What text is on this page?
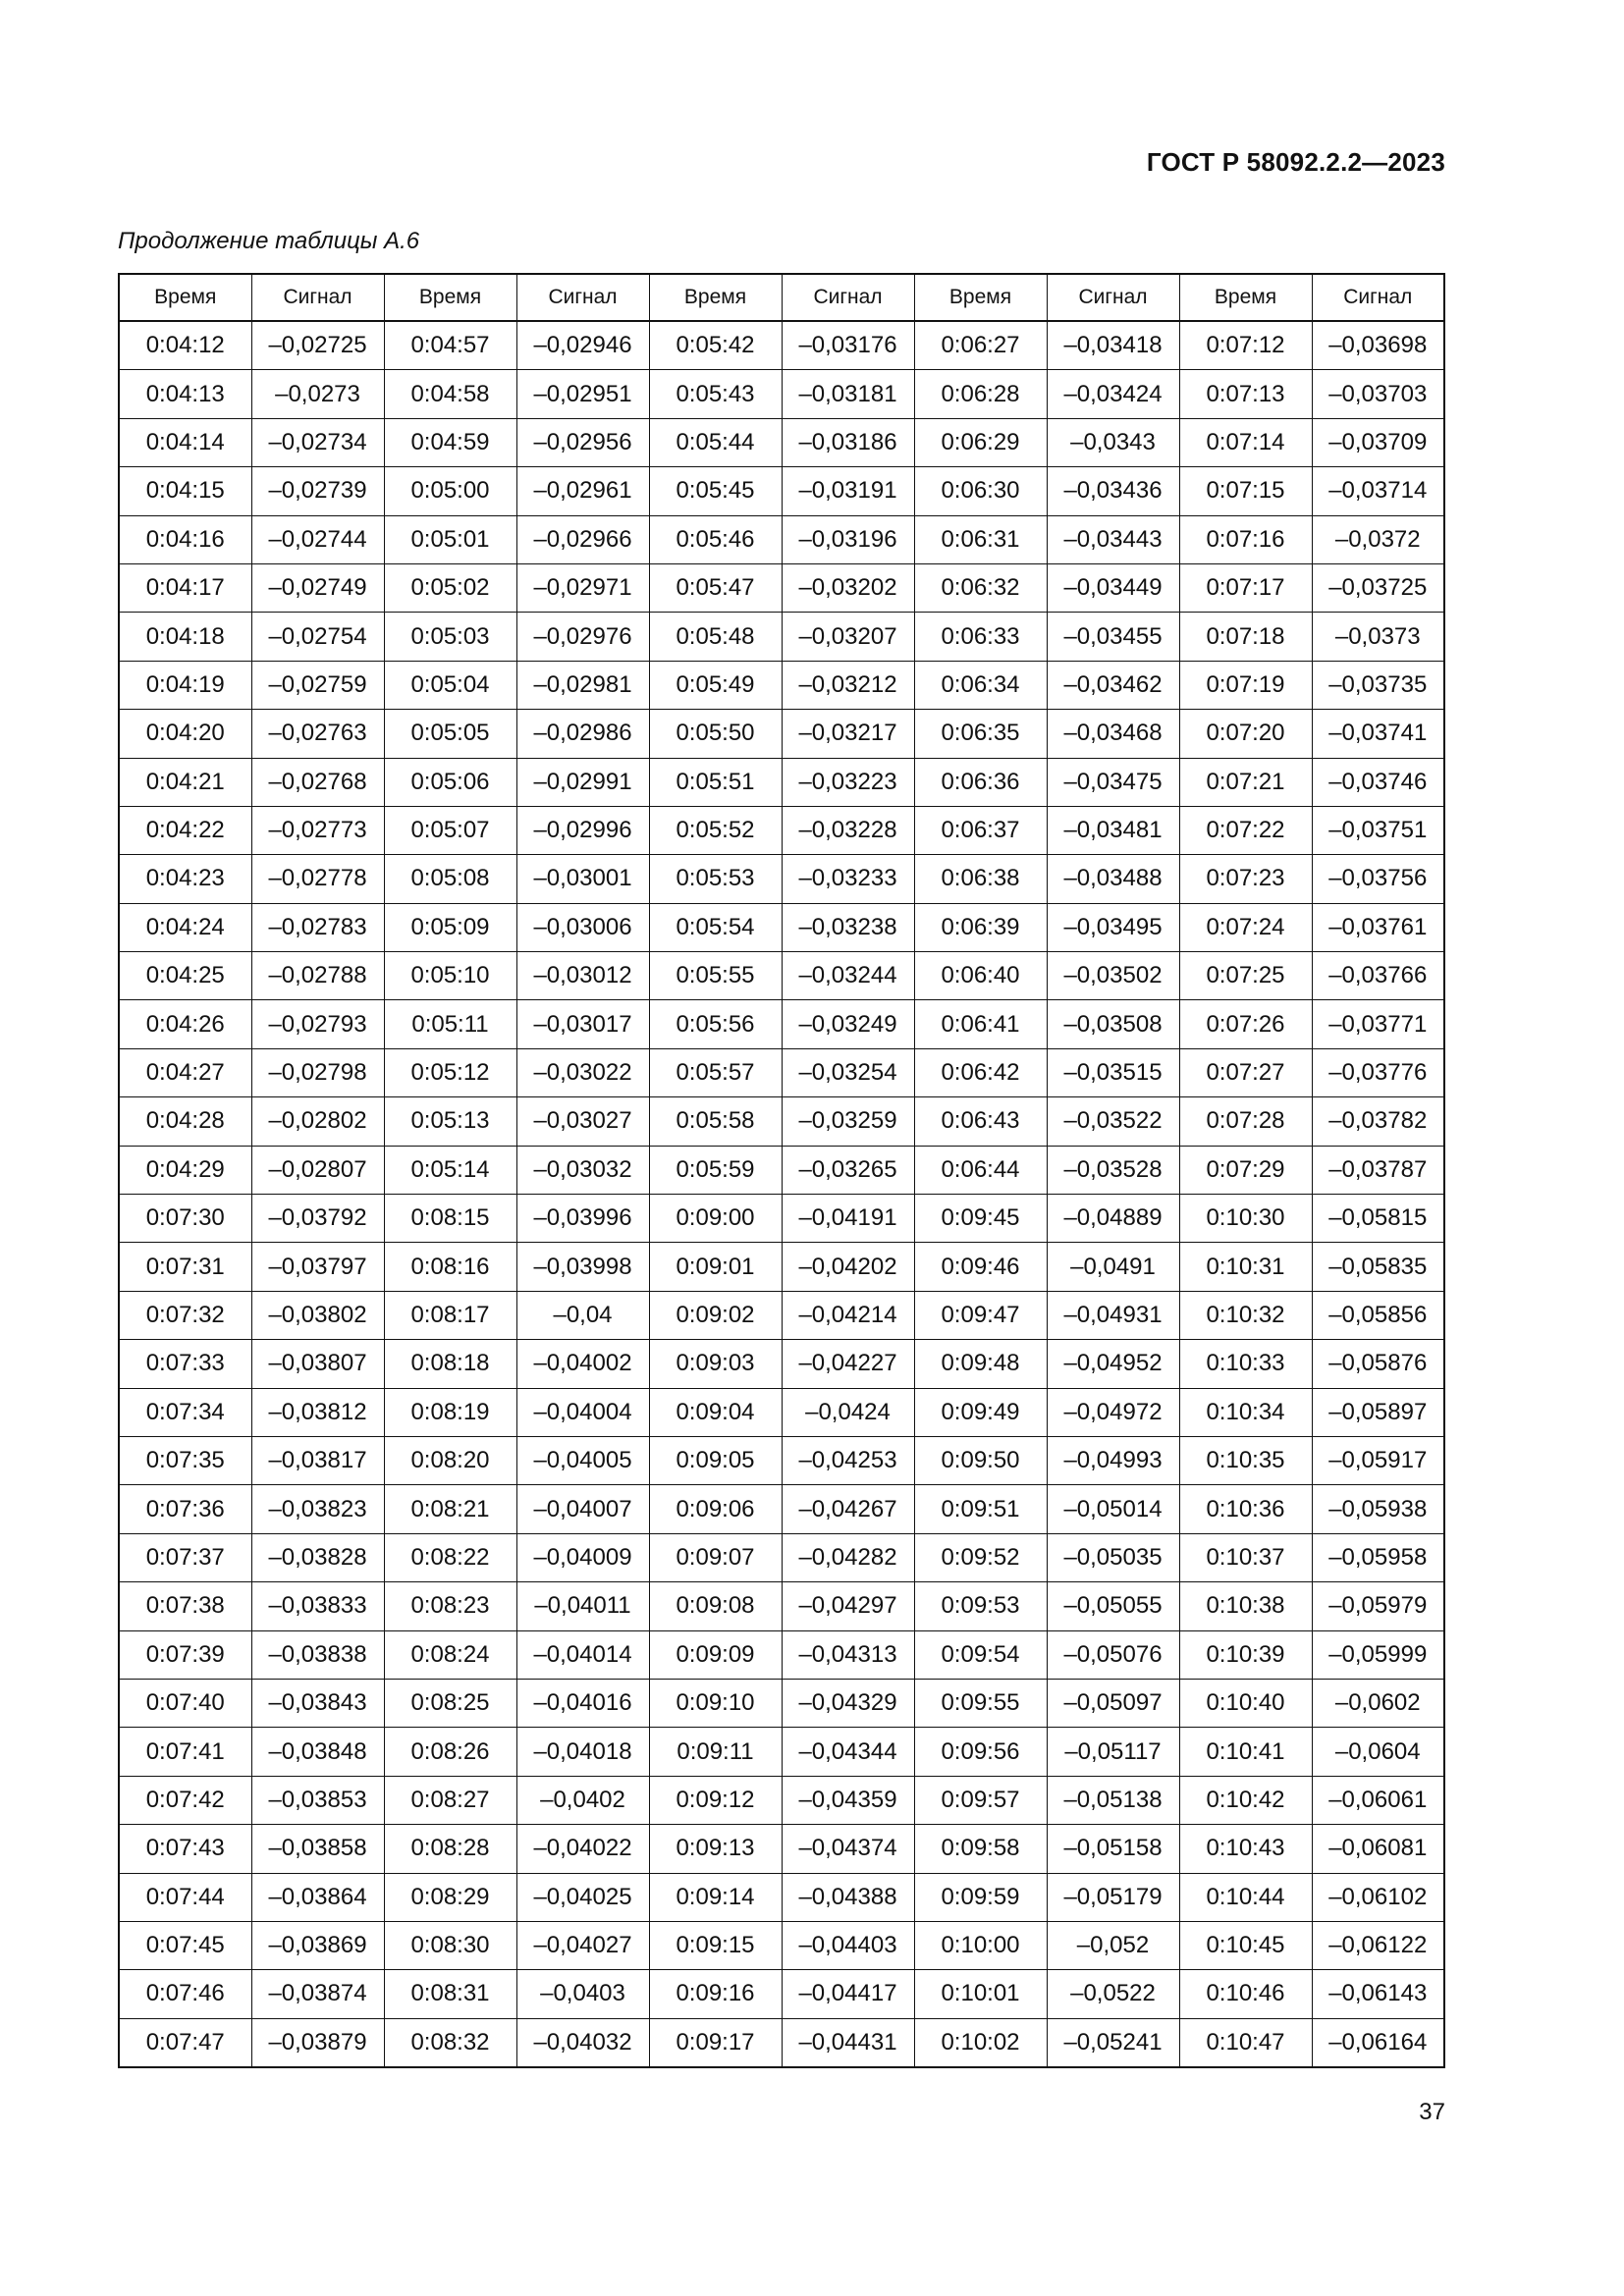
ГОСТ Р 58092.2.2—2023
Продолжение таблицы А.6
Время	Сигнал	Время	Сигнал	Время	Сигнал	Время	Сигнал	Время	Сигнал
0:04:12	–0,02725	0:04:57	–0,02946	0:05:42	–0,03176	0:06:27	–0,03418	0:07:12	–0,03698
0:04:13	–0,0273	0:04:58	–0,02951	0:05:43	–0,03181	0:06:28	–0,03424	0:07:13	–0,03703
0:04:14	–0,02734	0:04:59	–0,02956	0:05:44	–0,03186	0:06:29	–0,0343	0:07:14	–0,03709
0:04:15	–0,02739	0:05:00	–0,02961	0:05:45	–0,03191	0:06:30	–0,03436	0:07:15	–0,03714
0:04:16	–0,02744	0:05:01	–0,02966	0:05:46	–0,03196	0:06:31	–0,03443	0:07:16	–0,0372
0:04:17	–0,02749	0:05:02	–0,02971	0:05:47	–0,03202	0:06:32	–0,03449	0:07:17	–0,03725
0:04:18	–0,02754	0:05:03	–0,02976	0:05:48	–0,03207	0:06:33	–0,03455	0:07:18	–0,0373
0:04:19	–0,02759	0:05:04	–0,02981	0:05:49	–0,03212	0:06:34	–0,03462	0:07:19	–0,03735
0:04:20	–0,02763	0:05:05	–0,02986	0:05:50	–0,03217	0:06:35	–0,03468	0:07:20	–0,03741
0:04:21	–0,02768	0:05:06	–0,02991	0:05:51	–0,03223	0:06:36	–0,03475	0:07:21	–0,03746
0:04:22	–0,02773	0:05:07	–0,02996	0:05:52	–0,03228	0:06:37	–0,03481	0:07:22	–0,03751
0:04:23	–0,02778	0:05:08	–0,03001	0:05:53	–0,03233	0:06:38	–0,03488	0:07:23	–0,03756
0:04:24	–0,02783	0:05:09	–0,03006	0:05:54	–0,03238	0:06:39	–0,03495	0:07:24	–0,03761
0:04:25	–0,02788	0:05:10	–0,03012	0:05:55	–0,03244	0:06:40	–0,03502	0:07:25	–0,03766
0:04:26	–0,02793	0:05:11	–0,03017	0:05:56	–0,03249	0:06:41	–0,03508	0:07:26	–0,03771
0:04:27	–0,02798	0:05:12	–0,03022	0:05:57	–0,03254	0:06:42	–0,03515	0:07:27	–0,03776
0:04:28	–0,02802	0:05:13	–0,03027	0:05:58	–0,03259	0:06:43	–0,03522	0:07:28	–0,03782
0:04:29	–0,02807	0:05:14	–0,03032	0:05:59	–0,03265	0:06:44	–0,03528	0:07:29	–0,03787
0:07:30	–0,03792	0:08:15	–0,03996	0:09:00	–0,04191	0:09:45	–0,04889	0:10:30	–0,05815
0:07:31	–0,03797	0:08:16	–0,03998	0:09:01	–0,04202	0:09:46	–0,0491	0:10:31	–0,05835
0:07:32	–0,03802	0:08:17	–0,04	0:09:02	–0,04214	0:09:47	–0,04931	0:10:32	–0,05856
0:07:33	–0,03807	0:08:18	–0,04002	0:09:03	–0,04227	0:09:48	–0,04952	0:10:33	–0,05876
0:07:34	–0,03812	0:08:19	–0,04004	0:09:04	–0,0424	0:09:49	–0,04972	0:10:34	–0,05897
0:07:35	–0,03817	0:08:20	–0,04005	0:09:05	–0,04253	0:09:50	–0,04993	0:10:35	–0,05917
0:07:36	–0,03823	0:08:21	–0,04007	0:09:06	–0,04267	0:09:51	–0,05014	0:10:36	–0,05938
0:07:37	–0,03828	0:08:22	–0,04009	0:09:07	–0,04282	0:09:52	–0,05035	0:10:37	–0,05958
0:07:38	–0,03833	0:08:23	–0,04011	0:09:08	–0,04297	0:09:53	–0,05055	0:10:38	–0,05979
0:07:39	–0,03838	0:08:24	–0,04014	0:09:09	–0,04313	0:09:54	–0,05076	0:10:39	–0,05999
0:07:40	–0,03843	0:08:25	–0,04016	0:09:10	–0,04329	0:09:55	–0,05097	0:10:40	–0,0602
0:07:41	–0,03848	0:08:26	–0,04018	0:09:11	–0,04344	0:09:56	–0,05117	0:10:41	–0,0604
0:07:42	–0,03853	0:08:27	–0,0402	0:09:12	–0,04359	0:09:57	–0,05138	0:10:42	–0,06061
0:07:43	–0,03858	0:08:28	–0,04022	0:09:13	–0,04374	0:09:58	–0,05158	0:10:43	–0,06081
0:07:44	–0,03864	0:08:29	–0,04025	0:09:14	–0,04388	0:09:59	–0,05179	0:10:44	–0,06102
0:07:45	–0,03869	0:08:30	–0,04027	0:09:15	–0,04403	0:10:00	–0,052	0:10:45	–0,06122
0:07:46	–0,03874	0:08:31	–0,0403	0:09:16	–0,04417	0:10:01	–0,0522	0:10:46	–0,06143
0:07:47	–0,03879	0:08:32	–0,04032	0:09:17	–0,04431	0:10:02	–0,05241	0:10:47	–0,06164
37
